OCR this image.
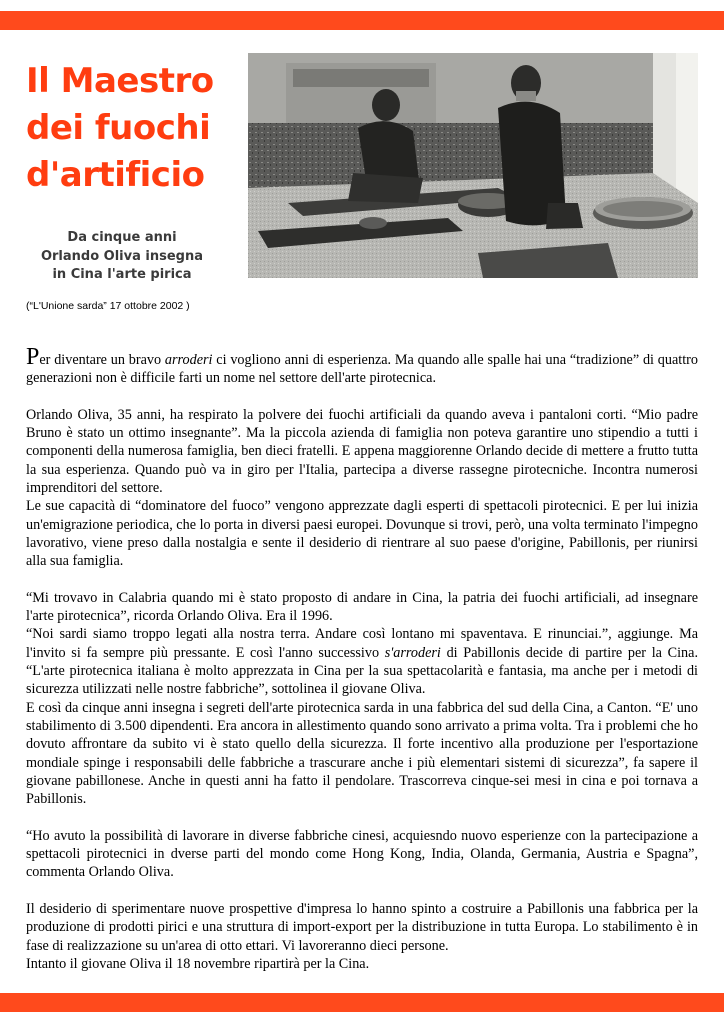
Il Maestro
dei fuochi
d'artificio
Da cinque anni
Orlando Oliva insegna
in Cina l'arte pirica
(“L'Unione sarda” 17 ottobre 2002 )

Per diventare un bravo arroderi ci vogliono anni di esperienza. Ma quando alle spalle hai una “tradizione” di quattro generazioni non è difficile farti un nome nel settore dell'arte pirotecnica.

Orlando Oliva, 35 anni, ha respirato la polvere dei fuochi artificiali da quando aveva i pantaloni corti. “Mio padre Bruno è stato un ottimo insegnante”. Ma la piccola azienda di famiglia non poteva garantire uno stipendio a tutti i componenti della numerosa famiglia, ben dieci fratelli. E appena maggiorenne Orlando decide di mettere a frutto tutta la sua esperienza. Quando può va in giro per l'Italia, partecipa a diverse rassegne pirotecniche. Incontra numerosi imprenditori del settore.

Le sue capacità di “dominatore del fuoco” vengono apprezzate dagli esperti di spettacoli pirotecnici. E per lui inizia un'emigrazione periodica, che lo porta in diversi paesi europei. Dovunque si trovi, però, una volta terminato l'impegno lavorativo, viene preso dalla nostalgia e sente il desiderio di rientrare al suo paese d'origine, Pabillonis, per riunirsi alla sua famiglia.

“Mi trovavo in Calabria quando mi è stato proposto di andare in Cina, la patria dei fuochi artificiali, ad insegnare l'arte pirotecnica”, ricorda Orlando Oliva. Era il 1996.
“Noi sardi siamo troppo legati alla nostra terra. Andare così lontano mi spaventava. E rinunciai.”, aggiunge. Ma l'invito si fa sempre più pressante. E così l'anno successivo s'arroderi di Pabillonis decide di partire per la Cina. “L'arte pirotecnica italiana è molto apprezzata in Cina per la sua spettacolarità e fantasia, ma anche per i metodi di sicurezza utilizzati nelle nostre fabbriche”, sottolinea il giovane Oliva.

E così da cinque anni insegna i segreti dell'arte pirotecnica sarda in una fabbrica del sud della Cina, a Canton. “E' uno stabilimento di 3.500 dipendenti. Era ancora in allestimento quando sono arrivato a prima volta. Tra i problemi che ho dovuto affrontare da subito vi è stato quello della sicurezza. Il forte incentivo alla produzione per l'esportazione mondiale spinge i responsabili delle fabbriche a trascurare anche i più elementari sistemi di sicurezza”, fa sapere il giovane pabillonese. Anche in questi anni ha fatto il pendolare. Trascorreva cinque-sei mesi in cina e poi tornava a Pabillonis.

“Ho avuto la possibilità di lavorare in diverse fabbriche cinesi, acquiesndo nuovo esperienze con la partecipazione a spettacoli pirotecnici in dverse parti del mondo come Hong Kong, India, Olanda, Germania, Austria e Spagna”, commenta Orlando Oliva.

Il desiderio di sperimentare nuove prospettive d'impresa lo hanno spinto a costruire a Pabillonis una fabbrica per la produzione di prodotti pirici e una struttura di import-export per la distribuzione in tutta Europa. Lo stabilimento è in fase di realizzazione su un'area di otto ettari. Vi lavoreranno dieci persone.
Intanto il giovane Oliva il 18 novembre ripartirà per la Cina.
